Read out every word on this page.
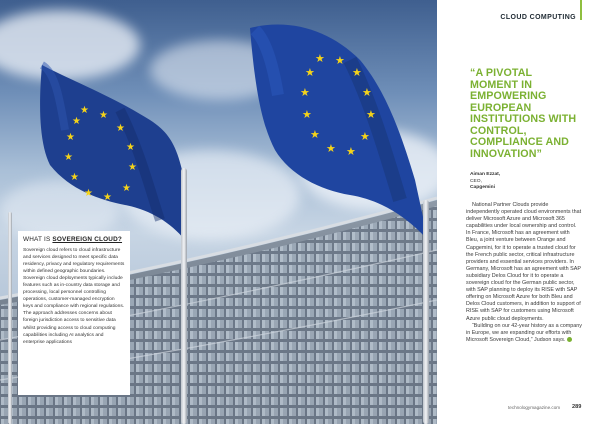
★ ★
★
★
★
★
★
★
★
★
★
★
★ ★
★
★
★
★
★
★
★
★
★
★
WHAT IS SOVEREIGN CLOUD?
Sovereign cloud refers to cloud infrastructure and services designed to meet specific data residency, privacy and regulatory requirements within defined geographic boundaries. Sovereign cloud deployments typically include features such as in-country data storage and processing, local personnel controlling operations, customer-managed encryption keys and compliance with regional regulations. The approach addresses concerns about foreign jurisdiction access to sensitive data whilst providing access to cloud computing capabilities including AI analytics and enterprise applications
CLOUD COMPUTING
“A PIVOTAL MOMENT IN EMPOWERING EUROPEAN INSTITUTIONS WITH CONTROL, COMPLIANCE AND INNOVATION”
Aiman Ezzat,
CEO,
Capgemini

National Partner Clouds provide independently operated cloud environments that deliver Microsoft Azure and Microsoft 365 capabilities under local ownership and control. In France, Microsoft has an agreement with Bleu, a joint venture between Orange and Capgemini, for it to operate a trusted cloud for the French public sector, critical infrastructure providers and essential services providers. In Germany, Microsoft has an agreement with SAP subsidiary Delos Cloud for it to operate a sovereign cloud for the German public sector, with SAP planning to deploy its RISE with SAP offering on Microsoft Azure for both Bleu and Delos Cloud customers, in addition to support of RISE with SAP for customers using Microsoft Azure public cloud deployments.

“Building on our 42-year history as a company in Europe, we are expanding our efforts with Microsoft Sovereign Cloud,” Judson says.

technologymagazine.com 289
